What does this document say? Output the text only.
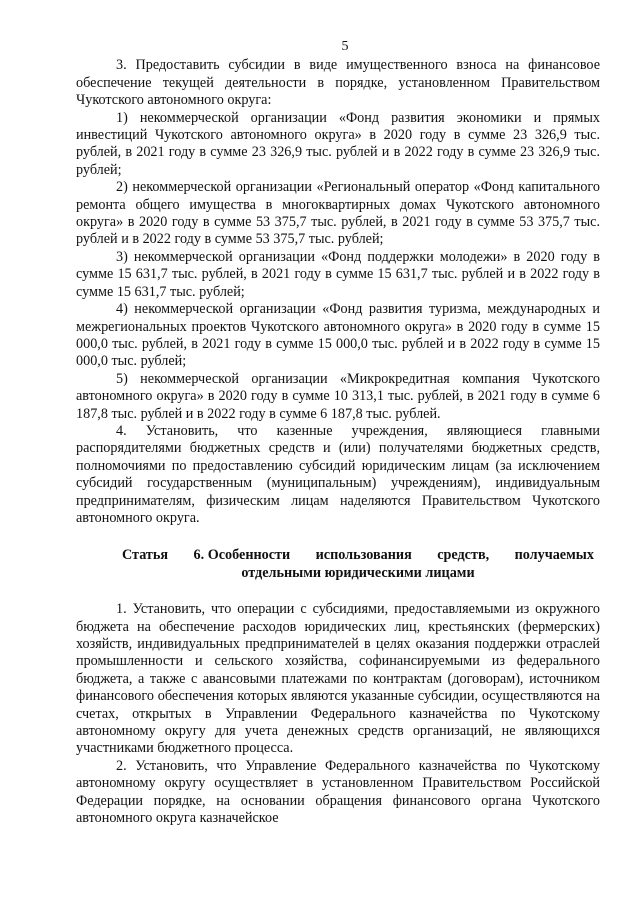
5

3. Предоставить субсидии в виде имущественного взноса на финансовое обеспечение текущей деятельности в порядке, установленном Правительством Чукотского автономного округа:

1) некоммерческой организации «Фонд развития экономики и прямых инвестиций Чукотского автономного округа» в 2020 году в сумме 23 326,9 тыс. рублей, в 2021 году в сумме 23 326,9 тыс. рублей и в 2022 году в сумме 23 326,9 тыс. рублей;

2) некоммерческой организации «Региональный оператор «Фонд капитального ремонта общего имущества в многоквартирных домах Чукотского автономного округа» в 2020 году в сумме 53 375,7 тыс. рублей, в 2021 году в сумме 53 375,7 тыс. рублей и в 2022 году в сумме 53 375,7 тыс. рублей;

3) некоммерческой организации «Фонд поддержки молодежи» в 2020 году в сумме 15 631,7 тыс. рублей, в 2021 году в сумме 15 631,7 тыс. рублей и в 2022 году в сумме 15 631,7 тыс. рублей;

4) некоммерческой организации «Фонд развития туризма, международных и межрегиональных проектов Чукотского автономного округа» в 2020 году в сумме 15 000,0 тыс. рублей, в 2021 году в сумме 15 000,0 тыс. рублей и в 2022 году в сумме 15 000,0 тыс. рублей;

5) некоммерческой организации «Микрокредитная компания Чукотского автономного округа» в 2020 году в сумме 10 313,1 тыс. рублей, в 2021 году в сумме 6 187,8 тыс. рублей и в 2022 году в сумме 6 187,8 тыс. рублей.

4. Установить, что казенные учреждения, являющиеся главными распорядителями бюджетных средств и (или) получателями бюджетных средств, полномочиями по предоставлению субсидий юридическим лицам (за исключением субсидий государственным (муниципальным) учреждениям), индивидуальным предпринимателям, физическим лицам наделяются Правительством Чукотского автономного округа.

Статья 6. Особенности использования средств, получаемых
отдельными юридическими лицами

1. Установить, что операции с субсидиями, предоставляемыми из окружного бюджета на обеспечение расходов юридических лиц, крестьянских (фермерских) хозяйств, индивидуальных предпринимателей в целях оказания поддержки отраслей промышленности и сельского хозяйства, софинансируемыми из федерального бюджета, а также с авансовыми платежами по контрактам (договорам), источником финансового обеспечения которых являются указанные субсидии, осуществляются на счетах, открытых в Управлении Федерального казначейства по Чукотскому автономному округу для учета денежных средств организаций, не являющихся участниками бюджетного процесса.

2. Установить, что Управление Федерального казначейства по Чукотскому автономному округу осуществляет в установленном Правительством Российской Федерации порядке, на основании обращения финансового органа Чукотского автономного округа казначейское
